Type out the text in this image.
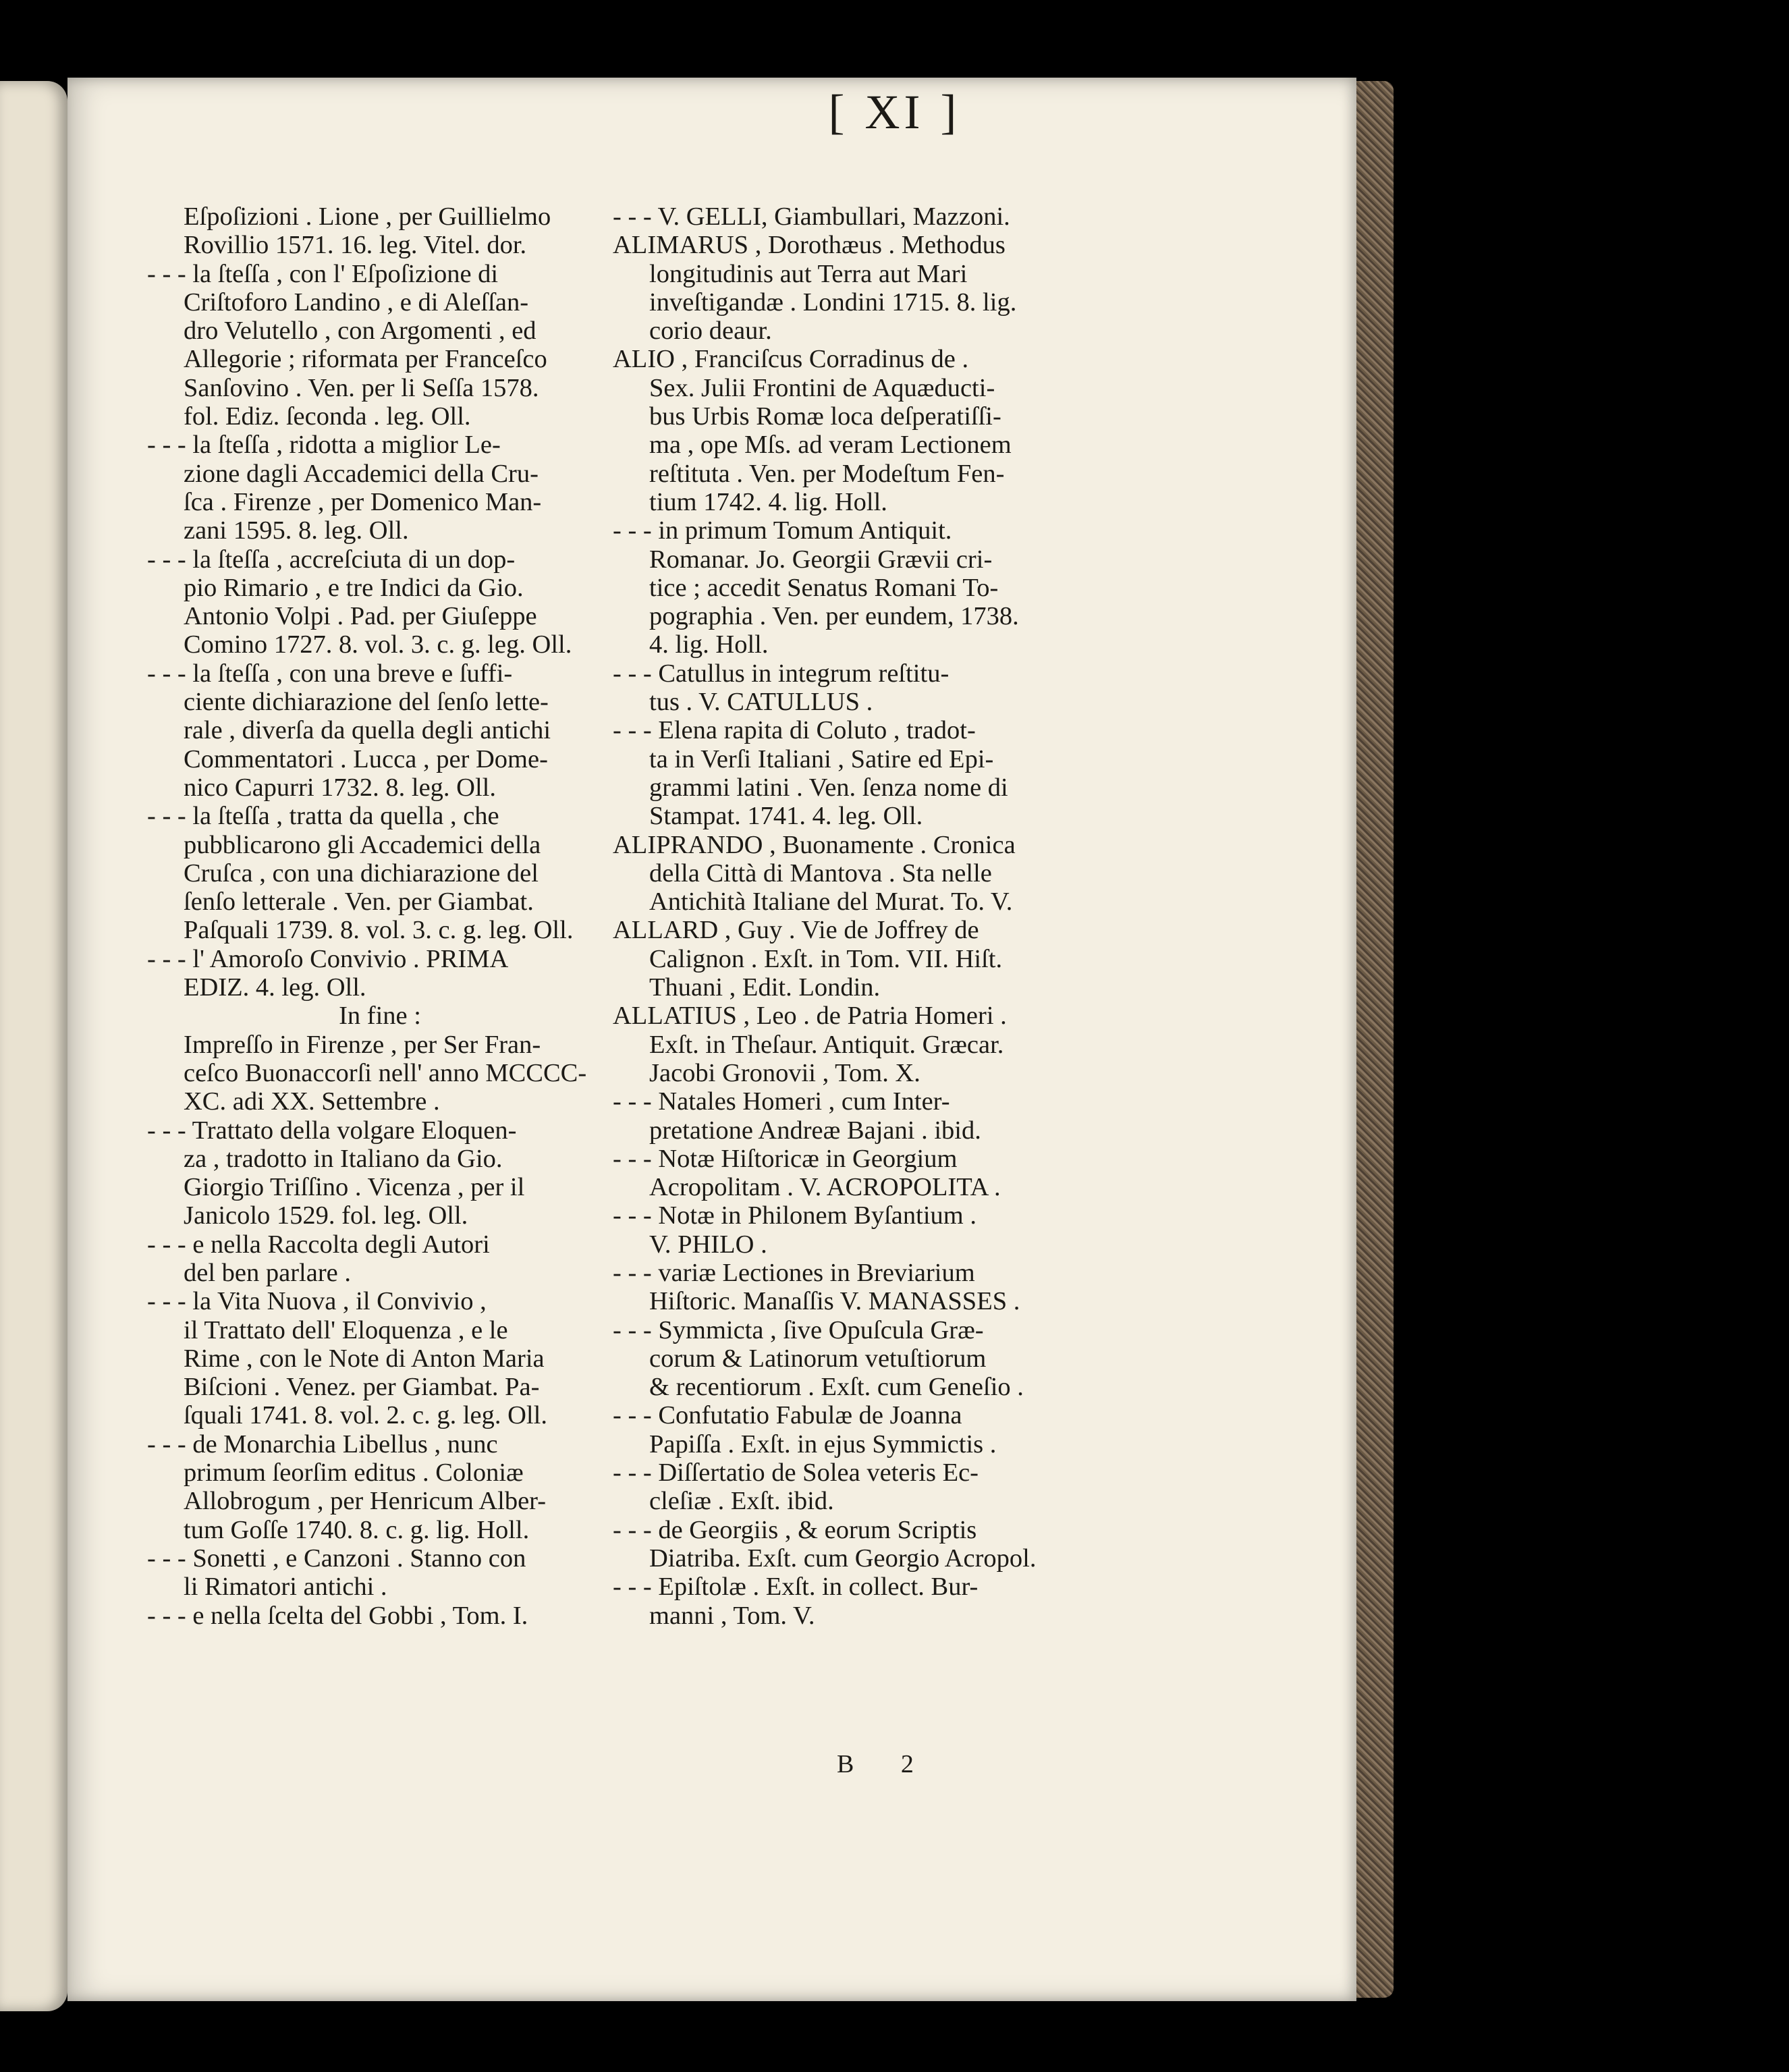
[ XI ]
Eſpoſizioni . Lione , per Guillielmo
Rovillio 1571. 16. leg. Vitel. dor.
- - - la ſteſſa , con l' Eſpoſizione di
Criſtoforo Landino , e di Aleſſan-
dro Velutello , con Argomenti , ed
Allegorie ; riformata per Franceſco
Sanſovino . Ven. per li Seſſa 1578.
fol. Ediz. ſeconda . leg. Oll.
- - - la ſteſſa , ridotta a miglior Le-
zione dagli Accademici della Cru-
ſca . Firenze , per Domenico Man-
zani 1595. 8. leg. Oll.
- - - la ſteſſa , accreſciuta di un dop-
pio Rimario , e tre Indici da Gio.
Antonio Volpi . Pad. per Giuſeppe
Comino 1727. 8. vol. 3. c. g. leg. Oll.
- - - la ſteſſa , con una breve e ſuffi-
ciente dichiarazione del ſenſo lette-
rale , diverſa da quella degli antichi
Commentatori . Lucca , per Dome-
nico Capurri 1732. 8. leg. Oll.
- - - la ſteſſa , tratta da quella , che
pubblicarono gli Accademici della
Cruſca , con una dichiarazione del
ſenſo letterale . Ven. per Giambat.
Paſquali 1739. 8. vol. 3. c. g. leg. Oll.
- - - l' Amoroſo Convivio . PRIMA
EDIZ. 4. leg. Oll.
In fine :
Impreſſo in Firenze , per Ser Fran-
ceſco Buonaccorſi nell' anno MCCCC-
XC. adi XX. Settembre .
- - - Trattato della volgare Eloquen-
za , tradotto in Italiano da Gio.
Giorgio Triſſino . Vicenza , per il
Janicolo 1529. fol. leg. Oll.
- - - e nella Raccolta degli Autori
del ben parlare .
- - - la Vita Nuova , il Convivio ,
il Trattato dell' Eloquenza , e le
Rime , con le Note di Anton Maria
Biſcioni . Venez. per Giambat. Pa-
ſquali 1741. 8. vol. 2. c. g. leg. Oll.
- - - de Monarchia Libellus , nunc
primum ſeorſim editus . Coloniæ
Allobrogum , per Henricum Alber-
tum Goſſe 1740. 8. c. g. lig. Holl.
- - - Sonetti , e Canzoni . Stanno con
li Rimatori antichi .
- - - e nella ſcelta del Gobbi , Tom. I.
- - - V. GELLI, Giambullari, Mazzoni.
ALIMARUS , Dorothæus . Methodus
longitudinis aut Terra aut Mari
inveſtigandæ . Londini 1715. 8. lig.
corio deaur.
ALIO , Franciſcus Corradinus de .
Sex. Julii Frontini de Aquæducti-
bus Urbis Romæ loca deſperatiſſi-
ma , ope Mſs. ad veram Lectionem
reſtituta . Ven. per Modeſtum Fen-
tium 1742. 4. lig. Holl.
- - - in primum Tomum Antiquit.
Romanar. Jo. Georgii Grævii cri-
tice ; accedit Senatus Romani To-
pographia . Ven. per eundem, 1738.
4. lig. Holl.
- - - Catullus in integrum reſtitu-
tus . V. CATULLUS .
- - - Elena rapita di Coluto , tradot-
ta in Verſi Italiani , Satire ed Epi-
grammi latini . Ven. ſenza nome di
Stampat. 1741. 4. leg. Oll.
ALIPRANDO , Buonamente . Cronica
della Città di Mantova . Sta nelle
Antichità Italiane del Murat. To. V.
ALLARD , Guy . Vie de Joffrey de
Calignon . Exſt. in Tom. VII. Hiſt.
Thuani , Edit. Londin.
ALLATIUS , Leo . de Patria Homeri .
Exſt. in Theſaur. Antiquit. Græcar.
Jacobi Gronovii , Tom. X.
- - - Natales Homeri , cum Inter-
pretatione Andreæ Bajani . ibid.
- - - Notæ Hiſtoricæ in Georgium
Acropolitam . V. ACROPOLITA .
- - - Notæ in Philonem Byſantium .
V. PHILO .
- - - variæ Lectiones in Breviarium
Hiſtoric. Manaſſis V. MANASSES .
- - - Symmicta , ſive Opuſcula Græ-
corum & Latinorum vetuſtiorum
& recentiorum . Exſt. cum Geneſio .
- - - Confutatio Fabulæ de Joanna
Papiſſa . Exſt. in ejus Symmictis .
- - - Diſſertatio de Solea veteris Ec-
cleſiæ . Exſt. ibid.
- - - de Georgiis , & eorum Scriptis
Diatriba. Exſt. cum Georgio Acropol.
- - - Epiſtolæ . Exſt. in collect. Bur-
manni , Tom. V.
B 2
